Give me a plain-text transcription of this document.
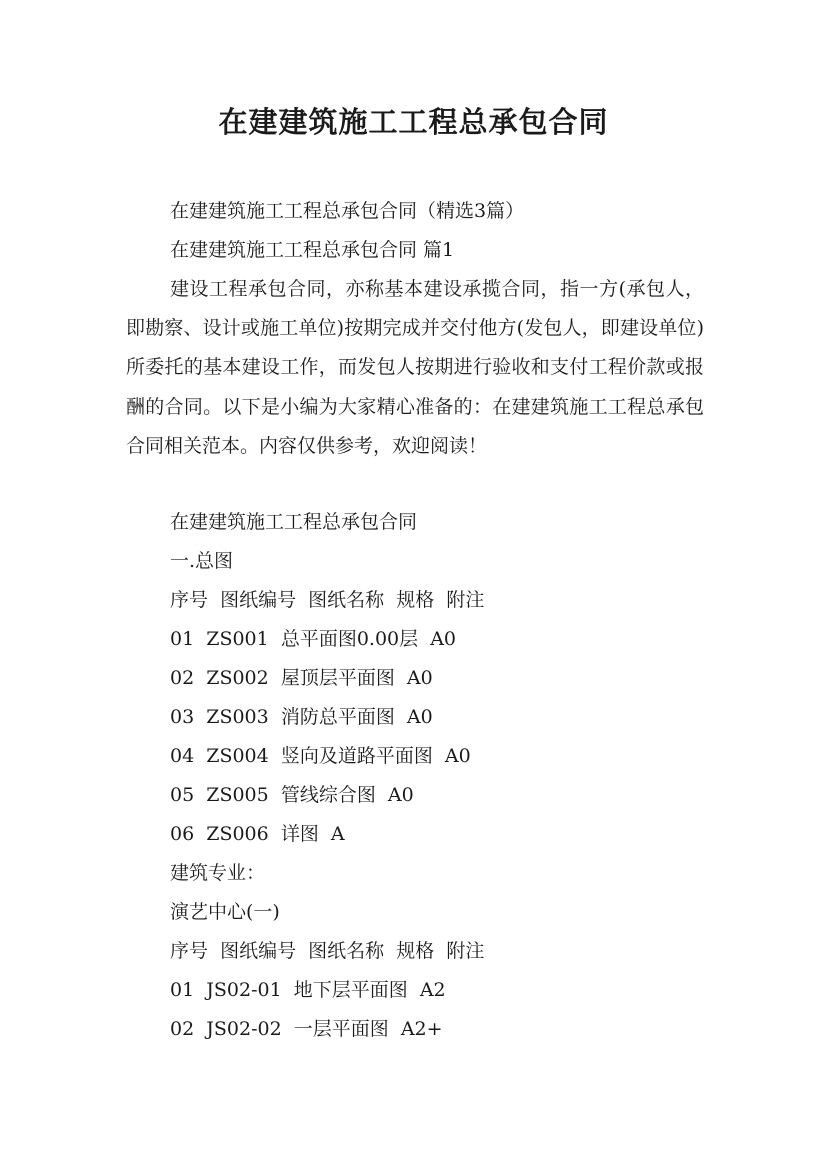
在建建筑施工工程总承包合同
在建建筑施工工程总承包合同（精选3篇）
在建建筑施工工程总承包合同 篇1

建设工程承包合同，亦称基本建设承揽合同，指一方(承包人，即勘察、设计或施工单位)按期完成并交付他方(发包人，即建设单位)所委托的基本建设工作，而发包人按期进行验收和支付工程价款或报酬的合同。以下是小编为大家精心准备的：在建建筑施工工程总承包合同相关范本。内容仅供参考，欢迎阅读！

在建建筑施工工程总承包合同
一.总图
序号  图纸编号  图纸名称  规格  附注
01  ZS001  总平面图0.00层  A0
02  ZS002  屋顶层平面图  A0
03  ZS003  消防总平面图  A0
04  ZS004  竖向及道路平面图  A0
05  ZS005  管线综合图  A0
06  ZS006  详图  A
建筑专业：
演艺中心(一)
序号  图纸编号  图纸名称  规格  附注
01  JS02-01  地下层平面图  A2
02  JS02-02  一层平面图  A2+
